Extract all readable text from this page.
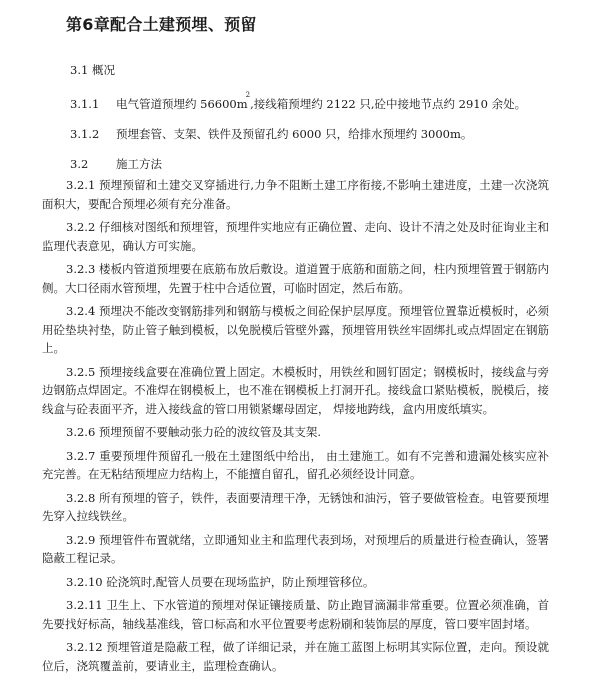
第6章配合土建预埋、预留
3.1 概况
3.1.1 电气管道预埋约 $56600m^2$,接线箱预埋约 2122 只,砼中接地节点约 2910 余处。
3.1.2 预埋套管、支架、铁件及预留孔约 6000 只，给排水预埋约 3000m。
3.2 施工方法

3.2.1 预埋预留和土建交叉穿插进行,力争不阻断土建工序衔接,不影响土建进度，土建一次浇筑面积大，要配合预埋必须有充分准备。

3.2.2 仔细核对图纸和预埋管，预埋件实地应有正确位置、走向、设计不清之处及时征询业主和监理代表意见，确认方可实施。

3.2.3 楼板内管道预埋要在底筋布放后敷设。道道置于底筋和面筋之间，柱内预埋管置于钢筋内侧。大口径雨水管预埋，先置于柱中合适位置，可临时固定，然后布筋。

3.2.4 预埋决不能改变钢筋排列和钢筋与模板之间砼保护层厚度。预埋管位置靠近模板时，必须用砼垫块衬垫，防止管子触到模板，以免脱模后管壁外露，预埋管用铁丝牢固绑扎或点焊固定在钢筋上。

3.2.5 预埋接线盒要在准确位置上固定。木模板时，用铁丝和圆钉固定；钢模板时，接线盒与旁边钢筋点焊固定。不准焊在钢模板上，也不准在钢模板上打洞开孔。接线盒口紧贴模板，脱模后，接线盒与砼表面平齐，进入接线盒的管口用锁紧螺母固定， 焊接地跨线，盒内用废纸填实。

3.2.6 预埋预留不要触动张力砼的波纹管及其支架.

3.2.7 重要预埋件预留孔一般在土建图纸中给出， 由土建施工。如有不完善和遗漏处核实应补充完善。在无粘结预埋应力结构上，不能擅自留孔，留孔必须经设计同意。

3.2.8 所有预埋的管子，铁件，表面要清理干净，无锈蚀和油污，管子要做管检查。电管要预埋先穿入拉线铁丝。

3.2.9 预埋管件布置就绪，立即通知业主和监理代表到场，对预埋后的质量进行检查确认，签署隐蔽工程记录。

3.2.10 砼浇筑时,配管人员要在现场监护，防止预埋管移位。

3.2.11 卫生上、下水管道的预埋对保证镶接质量、防止跑冒滴漏非常重要。位置必须准确，首先要找好标高，轴线基准线，管口标高和水平位置要考虑粉刷和装饰层的厚度，管口要牢固封堵。

3.2.12 预埋管道是隐蔽工程，做了详细记录，并在施工蓝图上标明其实际位置，走向。预设就位后，浇筑覆盖前，要请业主，监理检查确认。
